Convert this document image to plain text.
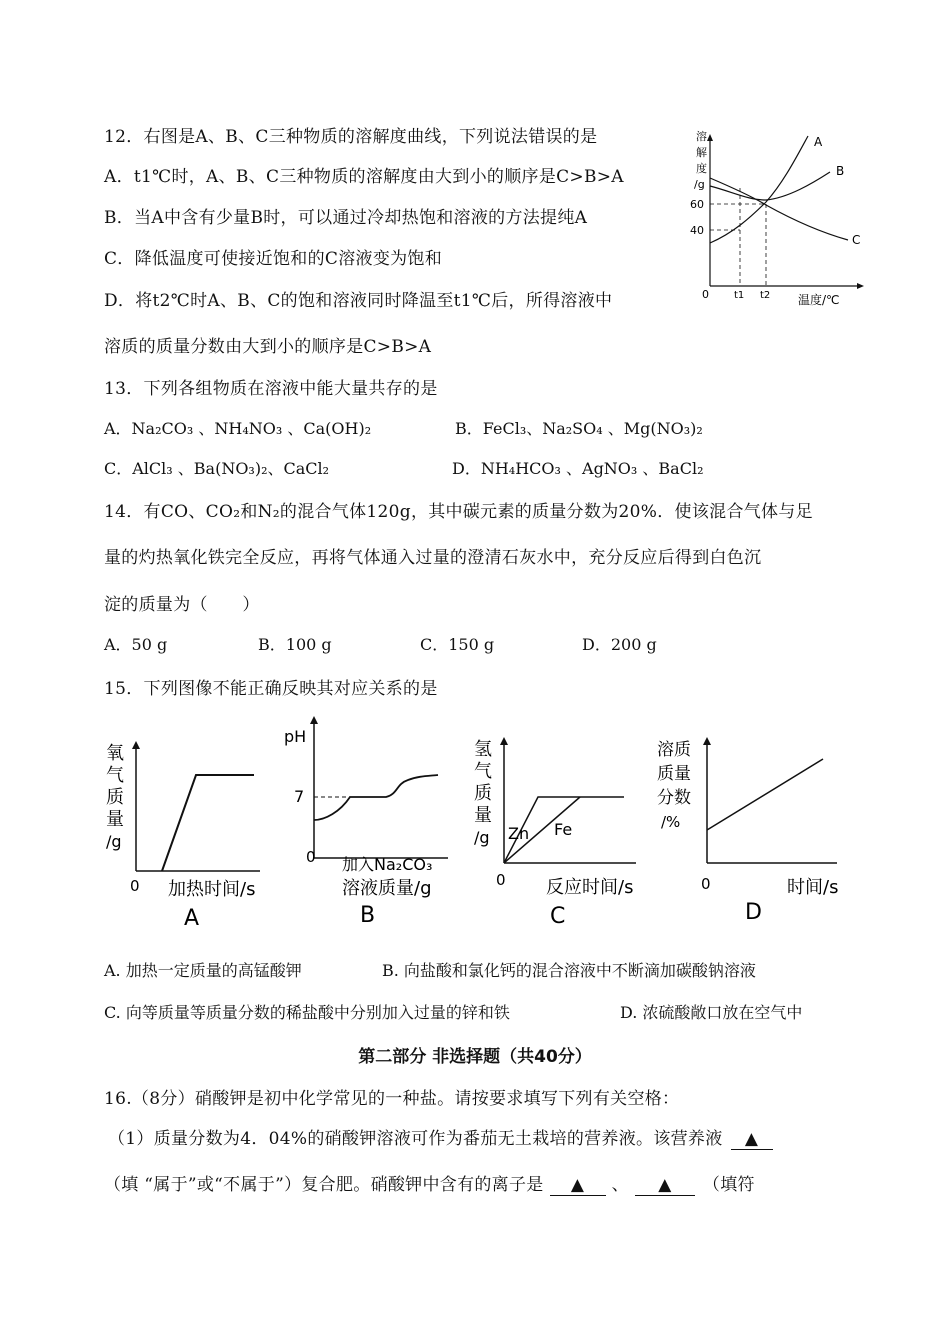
12．右图是A、B、C三种物质的溶解度曲线，下列说法错误的是
A．t1℃时，A、B、C三种物质的溶解度由大到小的顺序是C>B>A
B．当A中含有少量B时，可以通过冷却热饱和溶液的方法提纯A
C．降低温度可使接近饱和的C溶液变为饱和
D．将t2℃时A、B、C的饱和溶液同时降温至t1℃后，所得溶液中
溶质的质量分数由大到小的顺序是C>B>A
溶
解
度
/g
60
40
0	t1 t2 温度/℃
A
B
C
13．下列各组物质在溶液中能大量共存的是
A．Na₂CO₃ 、NH₄NO₃ 、Ca(OH)₂	B．FeCl₃、Na₂SO₄ 、Mg(NO₃)₂
C．AlCl₃ 、Ba(NO₃)₂、CaCl₂	D．NH₄HCO₃ 、AgNO₃ 、BaCl₂
14．有CO、CO₂和N₂的混合气体120g，其中碳元素的质量分数为20%．使该混合气体与足
量的灼热氧化铁完全反应，再将气体通入过量的澄清石灰水中，充分反应后得到白色沉
淀的质量为（　　）
A．50 g	B．100 g	C．150 g	D．200 g
15．下列图像不能正确反映其对应关系的是
氧
气
质
量
/g
0 加热时间/s
A
pH
7
0 加入Na₂CO₃
溶液质量/g
B
氢
气
质
量
/g
0
Zn Fe
反应时间/s
C
溶质
质量
分数
/%
0	时间/s
D
A. 加热一定质量的高锰酸钾	B. 向盐酸和氯化钙的混合溶液中不断滴加碳酸钠溶液
C. 向等质量等质量分数的稀盐酸中分别加入过量的锌和铁	D. 浓硫酸敞口放在空气中
第二部分 非选择题（共40分）
16.（8分）硝酸钾是初中化学常见的一种盐。请按要求填写下列有关空格：
（1）质量分数为4．04%的硝酸钾溶液可作为番茄无土栽培的营养液。该营养液 ▲
（填 “属于”或“不属于”）复合肥。硝酸钾中含有的离子是 ▲ 、 ▲ （填符
